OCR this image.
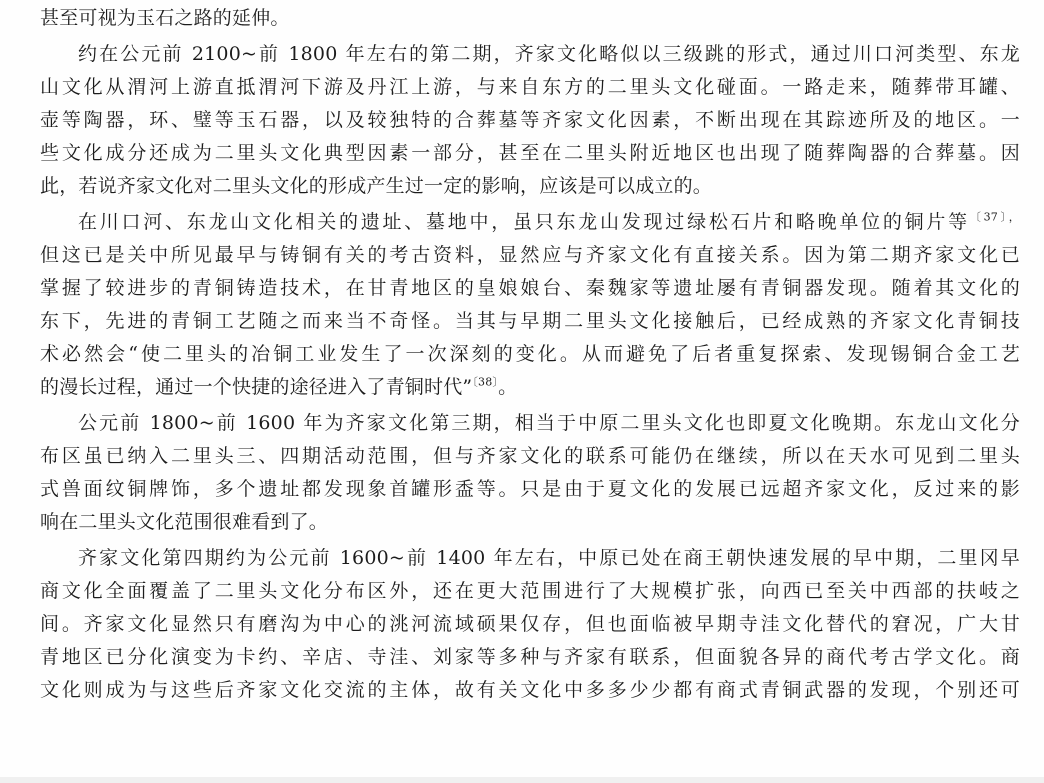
甚至可视为玉石之路的延伸。
约在公元前 2100~前 1800 年左右的第二期，齐家文化略似以三级跳的形式，通过川口河类型、东龙
山文化从渭河上游直抵渭河下游及丹江上游，与来自东方的二里头文化碰面。一路走来，随葬带耳罐、
壶等陶器，环、璧等玉石器，以及较独特的合葬墓等齐家文化因素，不断出现在其踪迹所及的地区。一
些文化成分还成为二里头文化典型因素一部分，甚至在二里头附近地区也出现了随葬陶器的合葬墓。因
此，若说齐家文化对二里头文化的形成产生过一定的影响，应该是可以成立的。
在川口河、东龙山文化相关的遗址、墓地中，虽只东龙山发现过绿松石片和略晚单位的铜片等$^{〔37〕,}$
但这已是关中所见最早与铸铜有关的考古资料，显然应与齐家文化有直接关系。因为第二期齐家文化已
掌握了较进步的青铜铸造技术，在甘青地区的皇娘娘台、秦魏家等遗址屡有青铜器发现。随着其文化的
东下，先进的青铜工艺随之而来当不奇怪。当其与早期二里头文化接触后，已经成熟的齐家文化青铜技
术必然会“使二里头的冶铜工业发生了一次深刻的变化。从而避免了后者重复探索、发现锡铜合金工艺
的漫长过程，通过一个快捷的途径进入了青铜时代”$^{〔38〕}$。
公元前 1800~前 1600 年为齐家文化第三期，相当于中原二里头文化也即夏文化晚期。东龙山文化分
布区虽已纳入二里头三、四期活动范围，但与齐家文化的联系可能仍在继续，所以在天水可见到二里头
式兽面纹铜牌饰，多个遗址都发现象首罐形盉等。只是由于夏文化的发展已远超齐家文化，反过来的影
响在二里头文化范围很难看到了。
齐家文化第四期约为公元前 1600~前 1400 年左右，中原已处在商王朝快速发展的早中期，二里冈早
商文化全面覆盖了二里头文化分布区外，还在更大范围进行了大规模扩张，向西已至关中西部的扶岐之
间。齐家文化显然只有磨沟为中心的洮河流域硕果仅存，但也面临被早期寺洼文化替代的窘况，广大甘
青地区已分化演变为卡约、辛店、寺洼、刘家等多种与齐家有联系，但面貌各异的商代考古学文化。商
文化则成为与这些后齐家文化交流的主体，故有关文化中多多少少都有商式青铜武器的发现，个别还可
